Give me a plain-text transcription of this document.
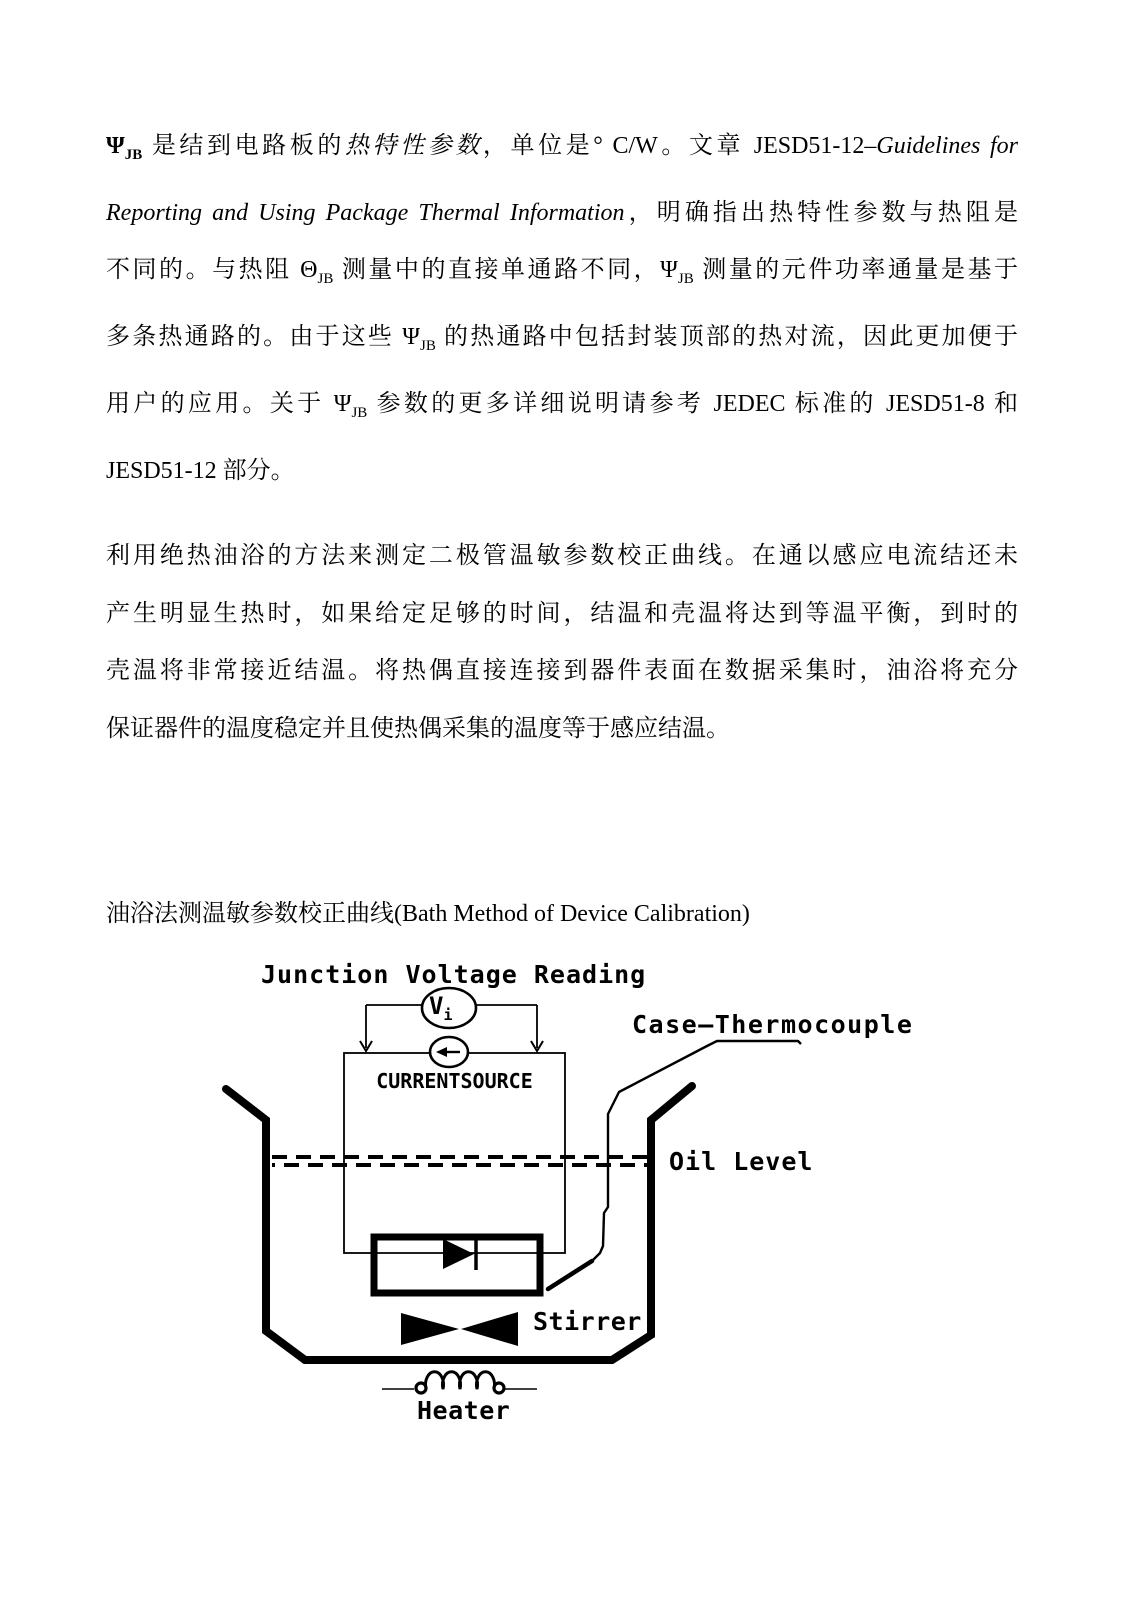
$\Psi_{JB}$ 是结到电路板的热特性参数，单位是° C/W。文章 JESD51-12–Guidelines for
Reporting and Using Package Thermal Information，明确指出热特性参数与热阻是
不同的。与热阻 $\Theta_{JB}$ 测量中的直接单通路不同，$\Psi_{JB}$ 测量的元件功率通量是基于
多条热通路的。由于这些 $\Psi_{JB}$ 的热通路中包括封装顶部的热对流，因此更加便于
用户的应用。关于 $\Psi_{JB}$ 参数的更多详细说明请参考 JEDEC 标准的 JESD51-8 和
JESD51-12 部分。
利用绝热油浴的方法来测定二极管温敏参数校正曲线。在通以感应电流结还未
产生明显生热时，如果给定足够的时间，结温和壳温将达到等温平衡，到时的
壳温将非常接近结温。将热偶直接连接到器件表面在数据采集时，油浴将充分
保证器件的温度稳定并且使热偶采集的温度等于感应结温。
油浴法测温敏参数校正曲线(Bath Method of Device Calibration)
Junction Voltage Reading
$V_i$
CURRENTSOURCE
Case–Thermocouple
Oil Level
Stirrer
Heater
